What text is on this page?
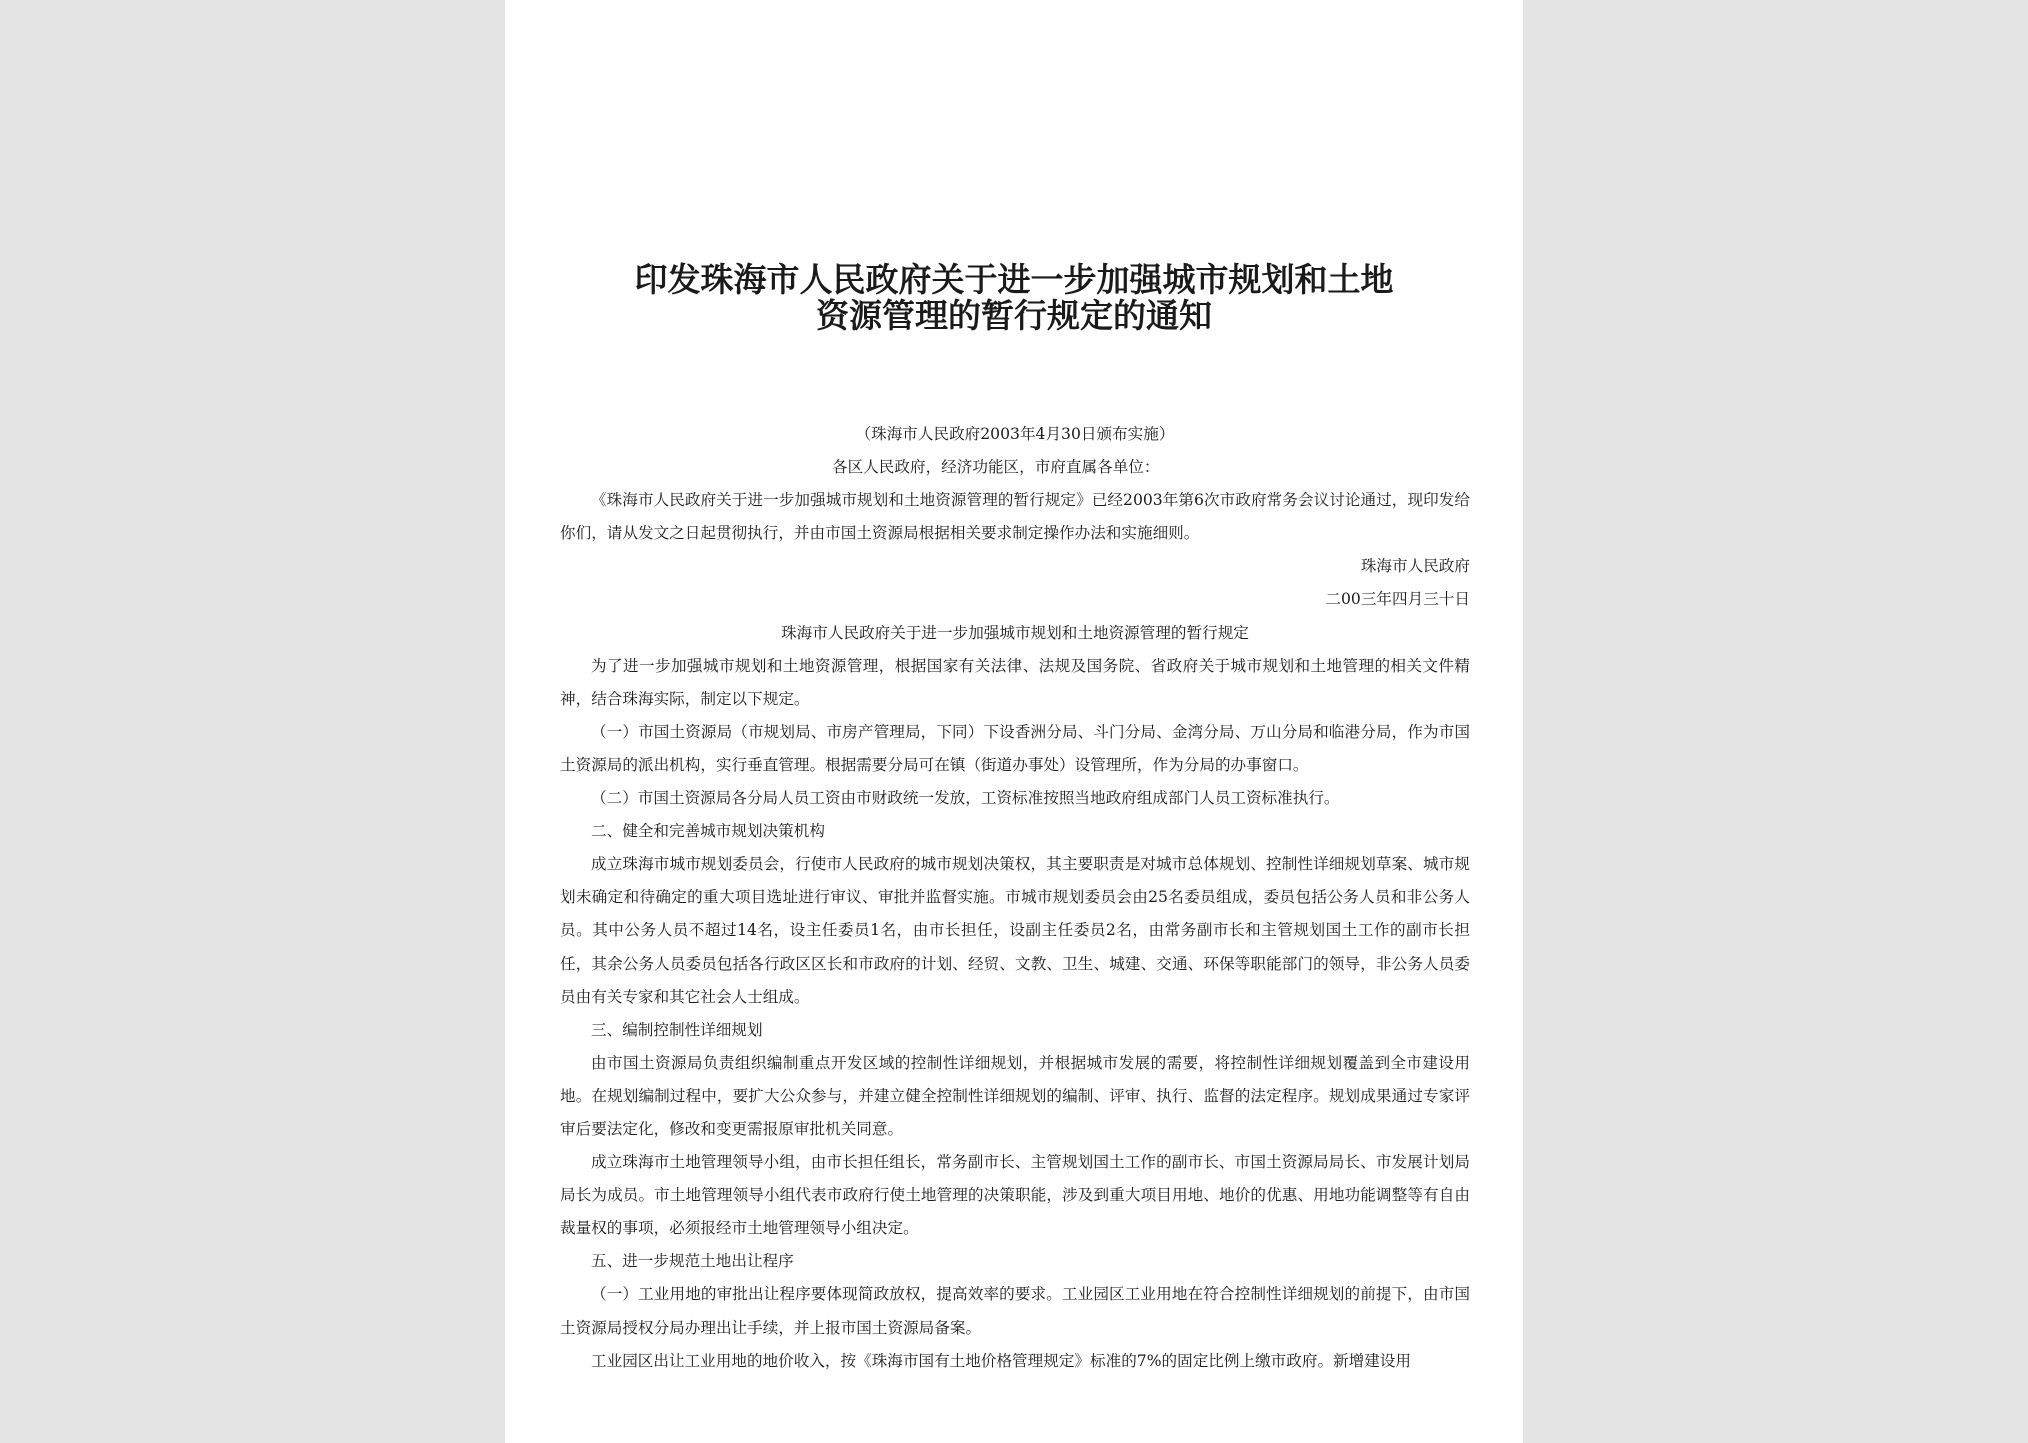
印发珠海市人民政府关于进一步加强城市规划和土地
资源管理的暂行规定的通知

（珠海市人民政府2003年4月30日颁布实施）

各区人民政府，经济功能区，市府直属各单位：

《珠海市人民政府关于进一步加强城市规划和土地资源管理的暂行规定》已经2003年第6次市政府常务会议讨论通过，现印发给你们，请从发文之日起贯彻执行，并由市国土资源局根据相关要求制定操作办法和实施细则。

珠海市人民政府

二00三年四月三十日

珠海市人民政府关于进一步加强城市规划和土地资源管理的暂行规定

为了进一步加强城市规划和土地资源管理，根据国家有关法律、法规及国务院、省政府关于城市规划和土地管理的相关文件精神，结合珠海实际，制定以下规定。

（一）市国土资源局（市规划局、市房产管理局，下同）下设香洲分局、斗门分局、金湾分局、万山分局和临港分局，作为市国土资源局的派出机构，实行垂直管理。根据需要分局可在镇（街道办事处）设管理所，作为分局的办事窗口。

（二）市国土资源局各分局人员工资由市财政统一发放，工资标准按照当地政府组成部门人员工资标准执行。

二、健全和完善城市规划决策机构

成立珠海市城市规划委员会，行使市人民政府的城市规划决策权，其主要职责是对城市总体规划、控制性详细规划草案、城市规划未确定和待确定的重大项目选址进行审议、审批并监督实施。市城市规划委员会由25名委员组成，委员包括公务人员和非公务人员。其中公务人员不超过14名，设主任委员1名，由市长担任，设副主任委员2名，由常务副市长和主管规划国土工作的副市长担任，其余公务人员委员包括各行政区区长和市政府的计划、经贸、文教、卫生、城建、交通、环保等职能部门的领导，非公务人员委员由有关专家和其它社会人士组成。

三、编制控制性详细规划

由市国土资源局负责组织编制重点开发区域的控制性详细规划，并根据城市发展的需要，将控制性详细规划覆盖到全市建设用地。在规划编制过程中，要扩大公众参与，并建立健全控制性详细规划的编制、评审、执行、监督的法定程序。规划成果通过专家评审后要法定化，修改和变更需报原审批机关同意。

成立珠海市土地管理领导小组，由市长担任组长，常务副市长、主管规划国土工作的副市长、市国土资源局局长、市发展计划局局长为成员。市土地管理领导小组代表市政府行使土地管理的决策职能，涉及到重大项目用地、地价的优惠、用地功能调整等有自由裁量权的事项，必须报经市土地管理领导小组决定。

五、进一步规范土地出让程序

（一）工业用地的审批出让程序要体现简政放权，提高效率的要求。工业园区工业用地在符合控制性详细规划的前提下，由市国土资源局授权分局办理出让手续，并上报市国土资源局备案。

工业园区出让工业用地的地价收入，按《珠海市国有土地价格管理规定》标准的7%的固定比例上缴市政府。新增建设用
